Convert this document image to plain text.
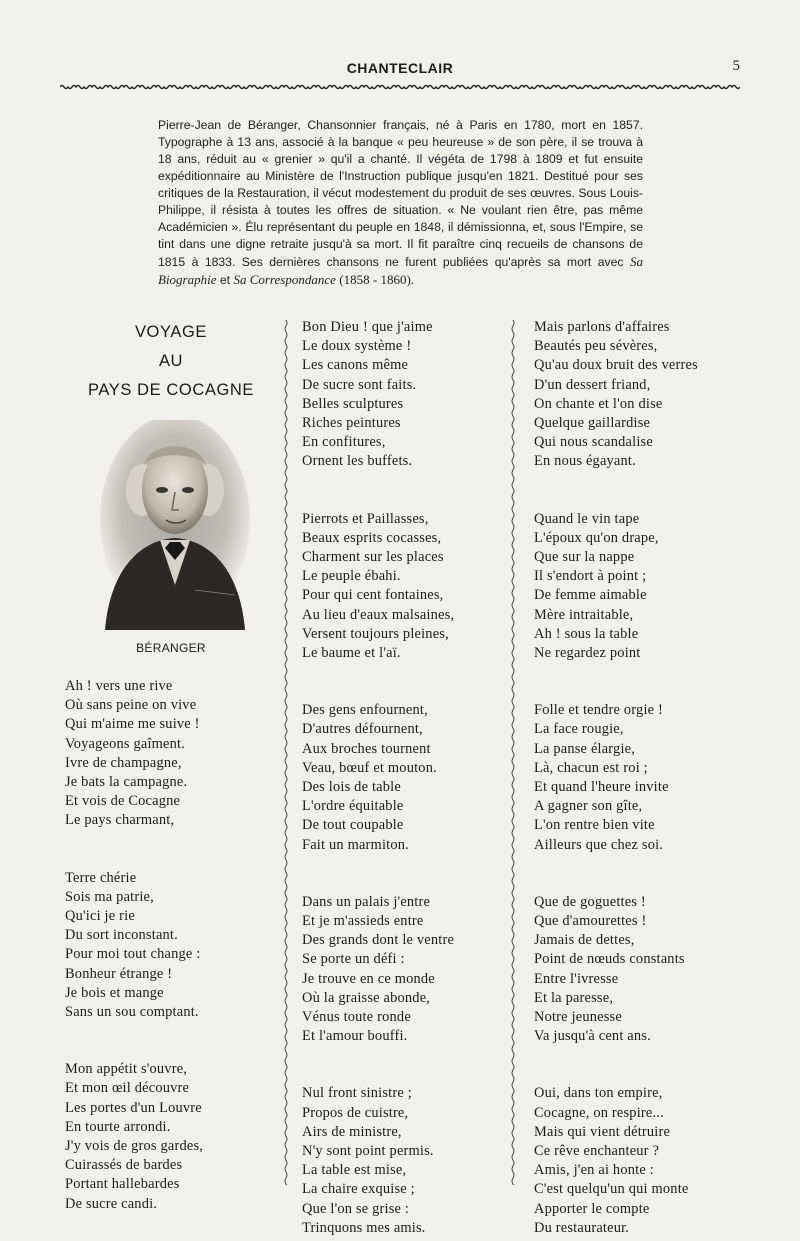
CHANTECLAIR	5
Pierre-Jean de Béranger, Chansonnier français, né à Paris en 1780, mort en 1857. Typographe à 13 ans, associé à la banque « peu heureuse » de son père, il se trouva à 18 ans, réduit au « grenier » qu'il a chanté. Il végéta de 1798 à 1809 et fut ensuite expéditionnaire au Ministère de l'Instruction publique jusqu'en 1821. Destitué pour ses critiques de la Restauration, il vécut modestement du produit de ses œuvres. Sous Louis-Philippe, il résista à toutes les offres de situation. « Ne voulant rien être, pas même Académicien ». Élu représentant du peuple en 1848, il démissionna, et, sous l'Empire, se tint dans une digne retraite jusqu'à sa mort. Il fit paraître cinq recueils de chansons de 1815 à 1833. Ses dernières chansons ne furent publiées qu'après sa mort avec Sa Biographie et Sa Correspondance (1858 - 1860).
VOYAGE
AU
PAYS DE COCAGNE
BÉRANGER
Ah ! vers une rive
Où sans peine on vive
Qui m'aime me suive !
Voyageons gaîment.
Ivre de champagne,
Je bats la campagne.
Et vois de Cocagne
Le pays charmant,
Terre chérie
Sois ma patrie,
Qu'ici je rie
Du sort inconstant.
Pour moi tout change :
Bonheur étrange !
Je bois et mange
Sans un sou comptant.
Mon appétit s'ouvre,
Et mon œil découvre
Les portes d'un Louvre
En tourte arrondi.
J'y vois de gros gardes,
Cuirassés de bardes
Portant hallebardes
De sucre candi.
Bon Dieu ! que j'aime
Le doux système !
Les canons même
De sucre sont faits.
Belles sculptures
Riches peintures
En confitures,
Ornent les buffets.
Pierrots et Paillasses,
Beaux esprits cocasses,
Charment sur les places
Le peuple ébahi.
Pour qui cent fontaines,
Au lieu d'eaux malsaines,
Versent toujours pleines,
Le baume et l'aï.
Des gens enfournent,
D'autres défournent,
Aux broches tournent
Veau, bœuf et mouton.
Des lois de table
L'ordre équitable
De tout coupable
Fait un marmiton.
Dans un palais j'entre
Et je m'assieds entre
Des grands dont le ventre
Se porte un défi :
Je trouve en ce monde
Où la graisse abonde,
Vénus toute ronde
Et l'amour bouffi.
Nul front sinistre ;
Propos de cuistre,
Airs de ministre,
N'y sont point permis.
La table est mise,
La chaire exquise ;
Que l'on se grise :
Trinquons mes amis.
Mais parlons d'affaires
Beautés peu sévères,
Qu'au doux bruit des verres
D'un dessert friand,
On chante et l'on dise
Quelque gaillardise
Qui nous scandalise
En nous égayant.
Quand le vin tape
L'époux qu'on drape,
Que sur la nappe
Il s'endort à point ;
De femme aimable
Mère intraitable,
Ah ! sous la table
Ne regardez point
Folle et tendre orgie !
La face rougie,
La panse élargie,
Là, chacun est roi ;
Et quand l'heure invite
A gagner son gîte,
L'on rentre bien vite
Ailleurs que chez soi.
Que de goguettes !
Que d'amourettes !
Jamais de dettes,
Point de nœuds constants
Entre l'ivresse
Et la paresse,
Notre jeunesse
Va jusqu'à cent ans.
Oui, dans ton empire,
Cocagne, on respire...
Mais qui vient détruire
Ce rêve enchanteur ?
Amis, j'en ai honte :
C'est quelqu'un qui monte
Apporter le compte
Du restaurateur.
